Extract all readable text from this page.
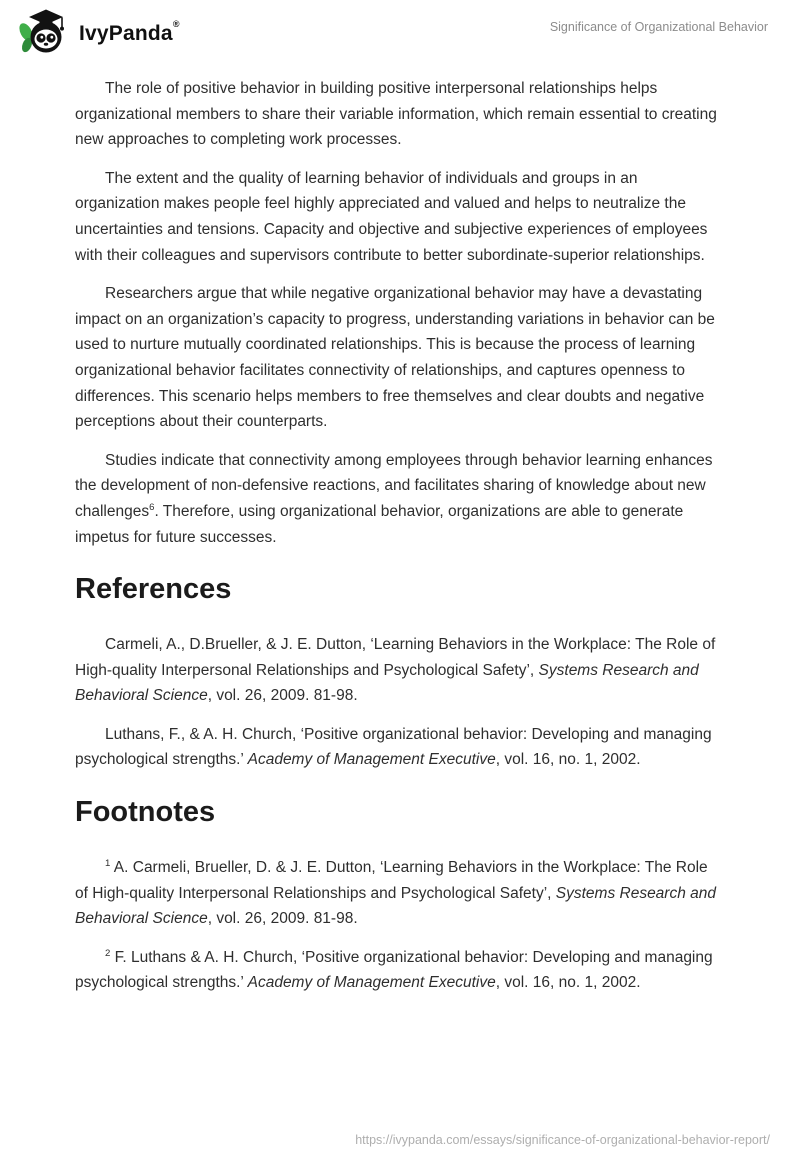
IvyPanda®	Significance of Organizational Behavior

The role of positive behavior in building positive interpersonal relationships helps organizational members to share their variable information, which remain essential to creating new approaches to completing work processes.

The extent and the quality of learning behavior of individuals and groups in an organization makes people feel highly appreciated and valued and helps to neutralize the uncertainties and tensions. Capacity and objective and subjective experiences of employees with their colleagues and supervisors contribute to better subordinate-superior relationships.

Researchers argue that while negative organizational behavior may have a devastating impact on an organization’s capacity to progress, understanding variations in behavior can be used to nurture mutually coordinated relationships. This is because the process of learning organizational behavior facilitates connectivity of relationships, and captures openness to differences. This scenario helps members to free themselves and clear doubts and negative perceptions about their counterparts.

Studies indicate that connectivity among employees through behavior learning enhances the development of non-defensive reactions, and facilitates sharing of knowledge about new challenges$^6$. Therefore, using organizational behavior, organizations are able to generate impetus for future successes.

References

Carmeli, A., D.Brueller, & J. E. Dutton, ‘Learning Behaviors in the Workplace: The Role of High-quality Interpersonal Relationships and Psychological Safety’, Systems Research and Behavioral Science, vol. 26, 2009. 81-98.

Luthans, F., & A. H. Church, ‘Positive organizational behavior: Developing and managing psychological strengths.’ Academy of Management Executive, vol. 16, no. 1, 2002.

Footnotes

$^1$ A. Carmeli, Brueller, D. & J. E. Dutton, ‘Learning Behaviors in the Workplace: The Role of High-quality Interpersonal Relationships and Psychological Safety’, Systems Research and Behavioral Science, vol. 26, 2009. 81-98.

$^2$ F. Luthans & A. H. Church, ‘Positive organizational behavior: Developing and managing psychological strengths.’ Academy of Management Executive, vol. 16, no. 1, 2002.

https://ivypanda.com/essays/significance-of-organizational-behavior-report/
